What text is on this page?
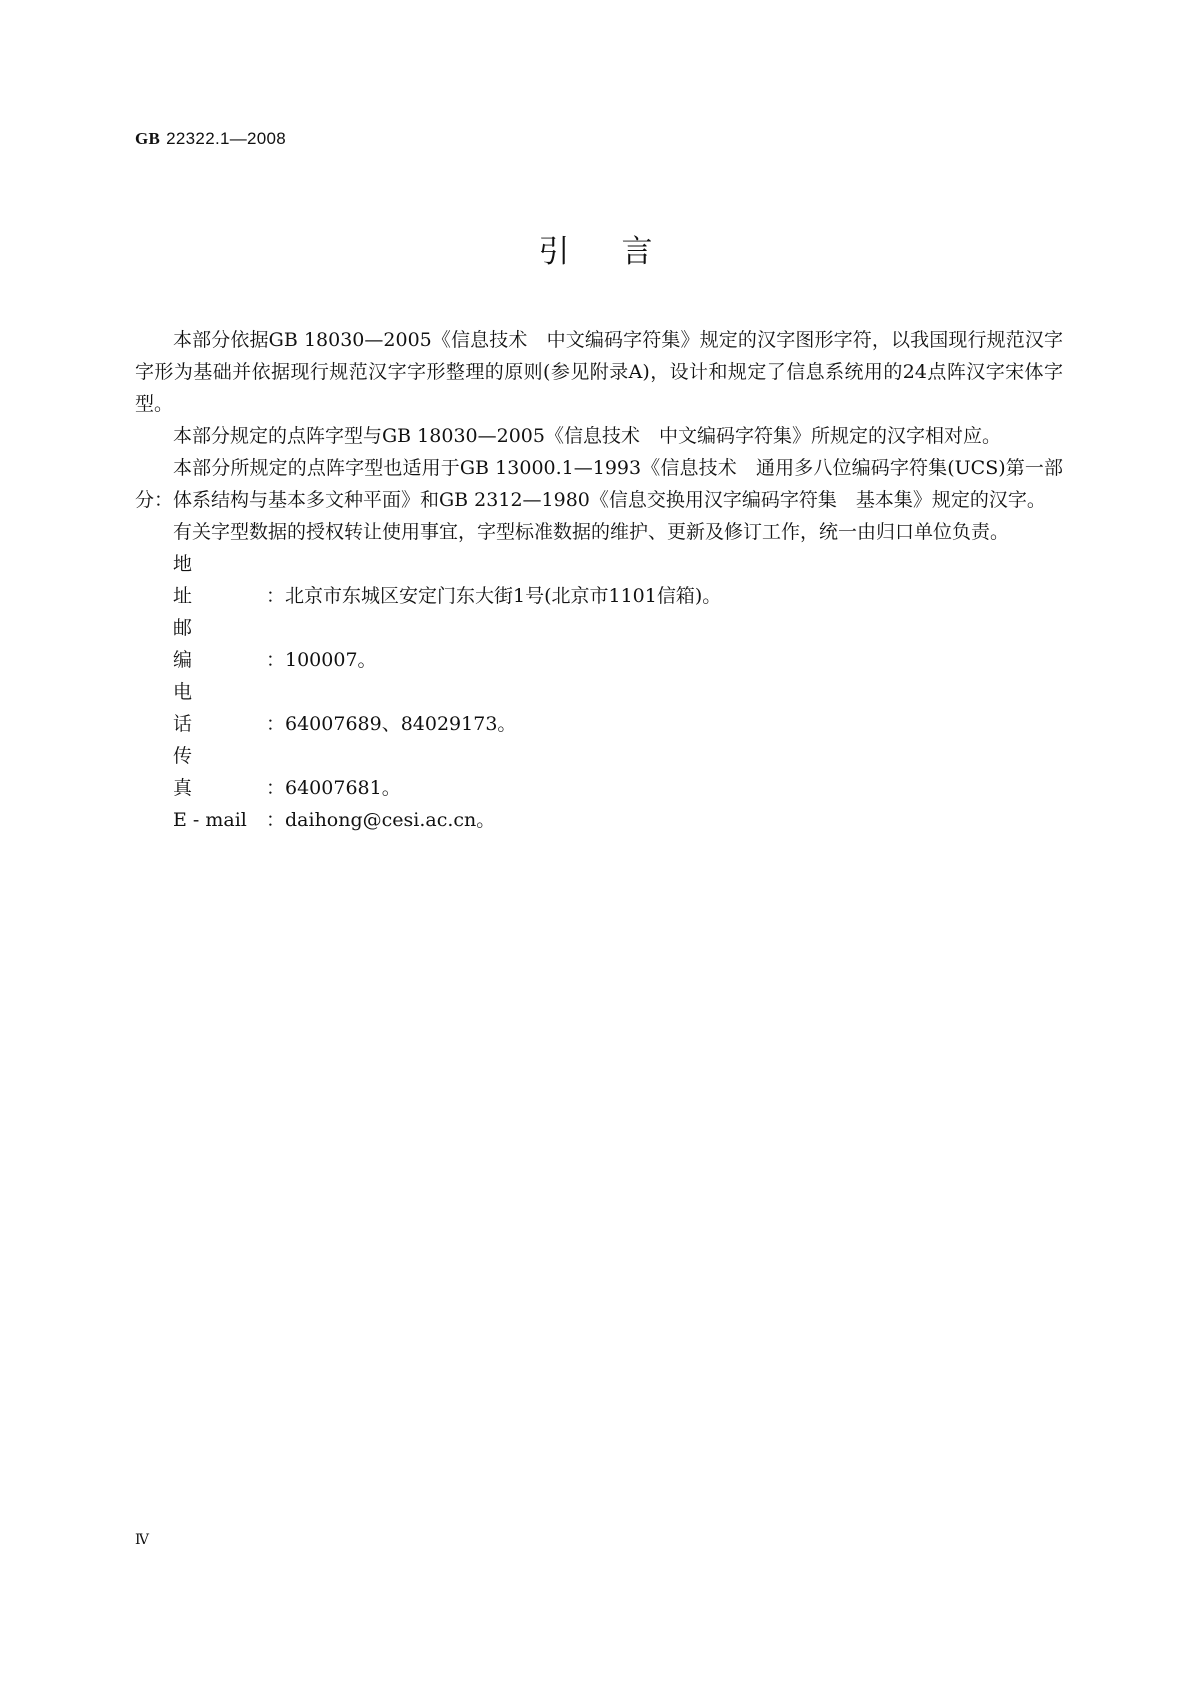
GB 22322.1—2008
引言

本部分依据GB 18030—2005《信息技术　中文编码字符集》规定的汉字图形字符，以我国现行规范汉字字形为基础并依据现行规范汉字字形整理的原则(参见附录A)，设计和规定了信息系统用的24点阵汉字宋体字型。

本部分规定的点阵字型与GB 18030—2005《信息技术　中文编码字符集》所规定的汉字相对应。

本部分所规定的点阵字型也适用于GB 13000.1—1993《信息技术　通用多八位编码字符集(UCS)第一部分：体系结构与基本多文种平面》和GB 2312—1980《信息交换用汉字编码字符集　基本集》规定的汉字。

有关字型数据的授权转让使用事宜，字型标准数据的维护、更新及修订工作，统一由归口单位负责。

地址 ：北京市东城区安定门东大街1号(北京市1101信箱)。
邮编 ：100007。
电话 ：64007689、84029173。
传真 ：64007681。
E - mail ：daihong@cesi.ac.cn。
Ⅳ
